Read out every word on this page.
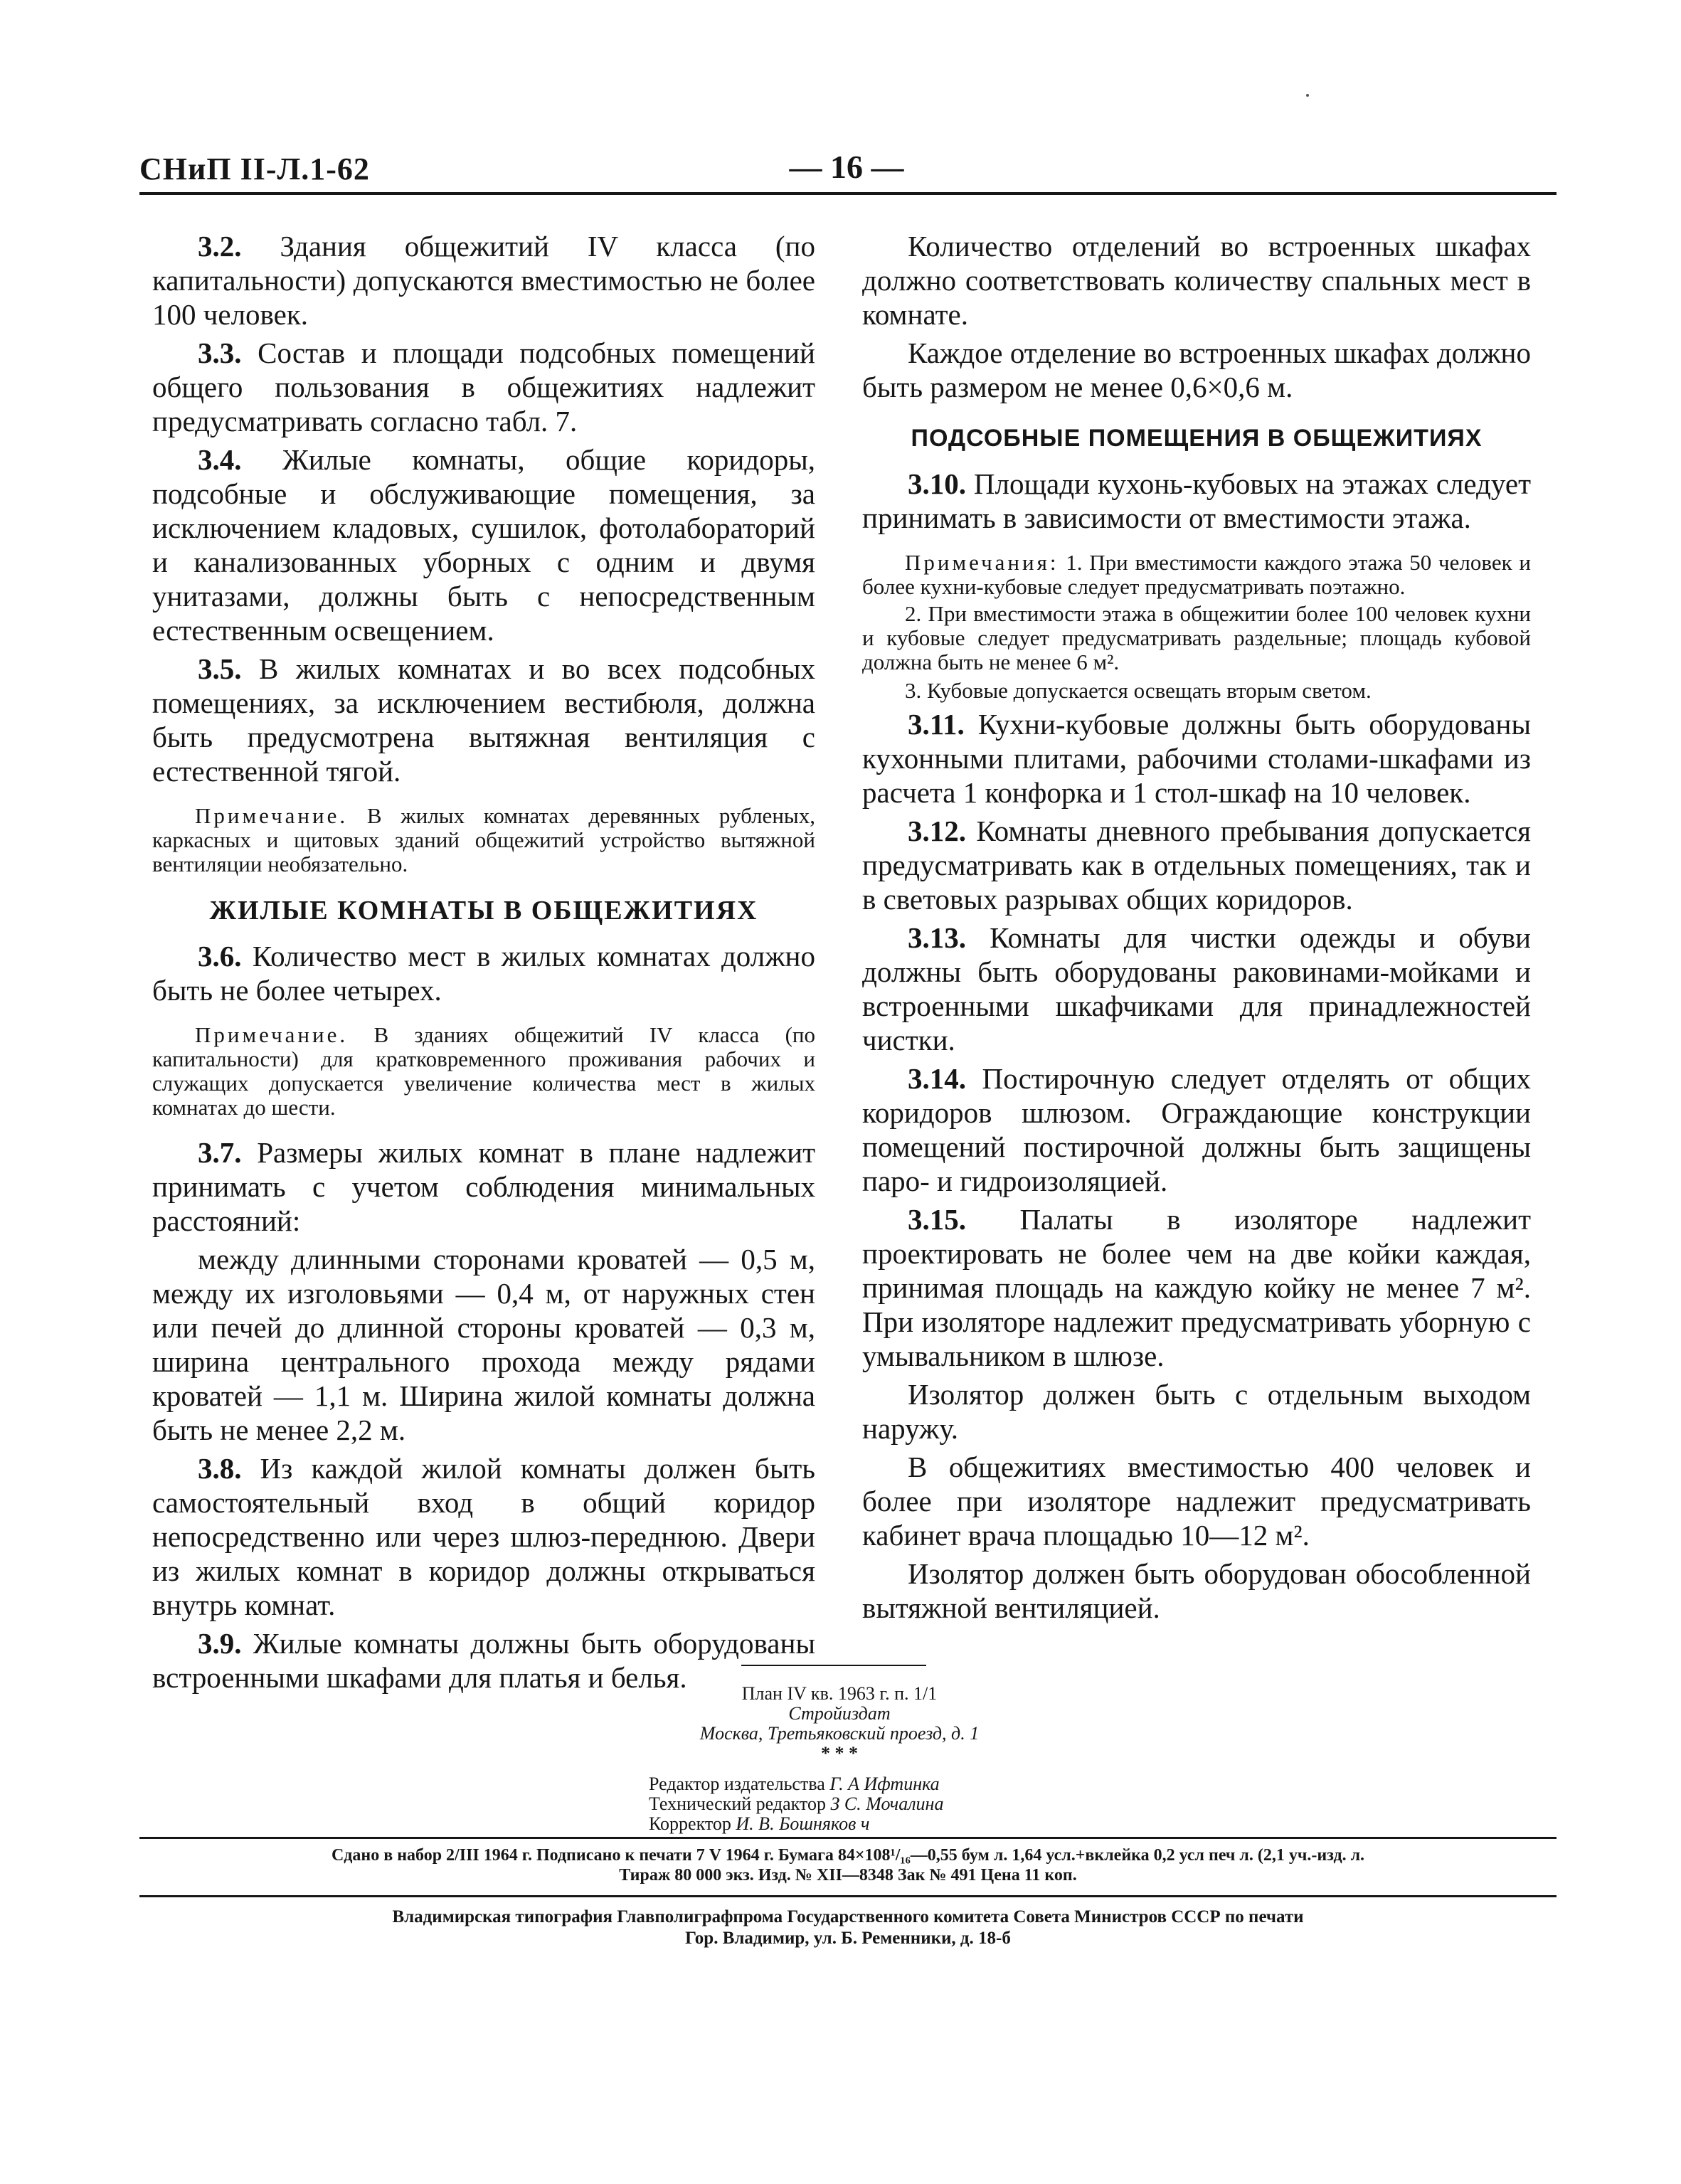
СНиП II-Л.1-62	— 16 —

3.2. Здания общежитий IV класса (по капитальности) допускаются вместимостью не более 100 человек.

3.3. Состав и площади подсобных помещений общего пользования в общежитиях надлежит предусматривать согласно табл. 7.

3.4. Жилые комнаты, общие коридоры, подсобные и обслуживающие помещения, за исключением кладовых, сушилок, фотолабораторий и канализованных уборных с одним и двумя унитазами, должны быть с непосредственным естественным освещением.

3.5. В жилых комнатах и во всех подсобных помещениях, за исключением вестибюля, должна быть предусмотрена вытяжная вентиляция с естественной тягой.

Примечание. В жилых комнатах деревянных рубленых, каркасных и щитовых зданий общежитий устройство вытяжной вентиляции необязательно.

ЖИЛЫЕ КОМНАТЫ В ОБЩЕЖИТИЯХ

3.6. Количество мест в жилых комнатах должно быть не более четырех.

Примечание. В зданиях общежитий IV класса (по капитальности) для кратковременного проживания рабочих и служащих допускается увеличение количества мест в жилых комнатах до шести.

3.7. Размеры жилых комнат в плане надлежит принимать с учетом соблюдения минимальных расстояний:

между длинными сторонами кроватей — 0,5 м, между их изголовьями — 0,4 м, от наружных стен или печей до длинной стороны кроватей — 0,3 м, ширина центрального прохода между рядами кроватей — 1,1 м. Ширина жилой комнаты должна быть не менее 2,2 м.

3.8. Из каждой жилой комнаты должен быть самостоятельный вход в общий коридор непосредственно или через шлюз-переднюю. Двери из жилых комнат в коридор должны открываться внутрь комнат.

3.9. Жилые комнаты должны быть оборудованы встроенными шкафами для платья и белья.

Количество отделений во встроенных шкафах должно соответствовать количеству спальных мест в комнате.

Каждое отделение во встроенных шкафах должно быть размером не менее 0,6×0,6 м.

ПОДСОБНЫЕ ПОМЕЩЕНИЯ В ОБЩЕЖИТИЯХ

3.10. Площади кухонь-кубовых на этажах следует принимать в зависимости от вместимости этажа.

Примечания: 1. При вместимости каждого этажа 50 человек и более кухни-кубовые следует предусматривать поэтажно.

2. При вместимости этажа в общежитии более 100 человек кухни и кубовые следует предусматривать раздельные; площадь кубовой должна быть не менее 6 м².

3. Кубовые допускается освещать вторым светом.

3.11. Кухни-кубовые должны быть оборудованы кухонными плитами, рабочими столами-шкафами из расчета 1 конфорка и 1 стол-шкаф на 10 человек.

3.12. Комнаты дневного пребывания допускается предусматривать как в отдельных помещениях, так и в световых разрывах общих коридоров.

3.13. Комнаты для чистки одежды и обуви должны быть оборудованы раковинами-мойками и встроенными шкафчиками для принадлежностей чистки.

3.14. Постирочную следует отделять от общих коридоров шлюзом. Ограждающие конструкции помещений постирочной должны быть защищены паро- и гидроизоляцией.

3.15. Палаты в изоляторе надлежит проектировать не более чем на две койки каждая, принимая площадь на каждую койку не менее 7 м². При изоляторе надлежит предусматривать уборную с умывальником в шлюзе.

Изолятор должен быть с отдельным выходом наружу.

В общежитиях вместимостью 400 человек и более при изоляторе надлежит предусматривать кабинет врача площадью 10—12 м².

Изолятор должен быть оборудован обособленной вытяжной вентиляцией.

План IV кв. 1963 г. п. 1/1
Стройиздат
Москва, Третьяковский проезд, д. 1
* * *
Редактор издательства Г. А Ифтинка
Технический редактор З С. Мочалина
Корректор И. В. Бошняков ч
Сдано в набор 2/III 1964 г. Подписано к печати 7 V 1964 г. Бумага 84×108¹/₁₆—0,55 бум л. 1,64 усл.+вклейка 0,2 усл печ л. (2,1 уч.-изд. л.
Тираж 80 000 экз. Изд. № XII—8348 Зак № 491 Цена 11 коп.
Владимирская типография Главполиграфпрома Государственного комитета Совета Министров СССР по печати
Гор. Владимир, ул. Б. Ременники, д. 18-б
